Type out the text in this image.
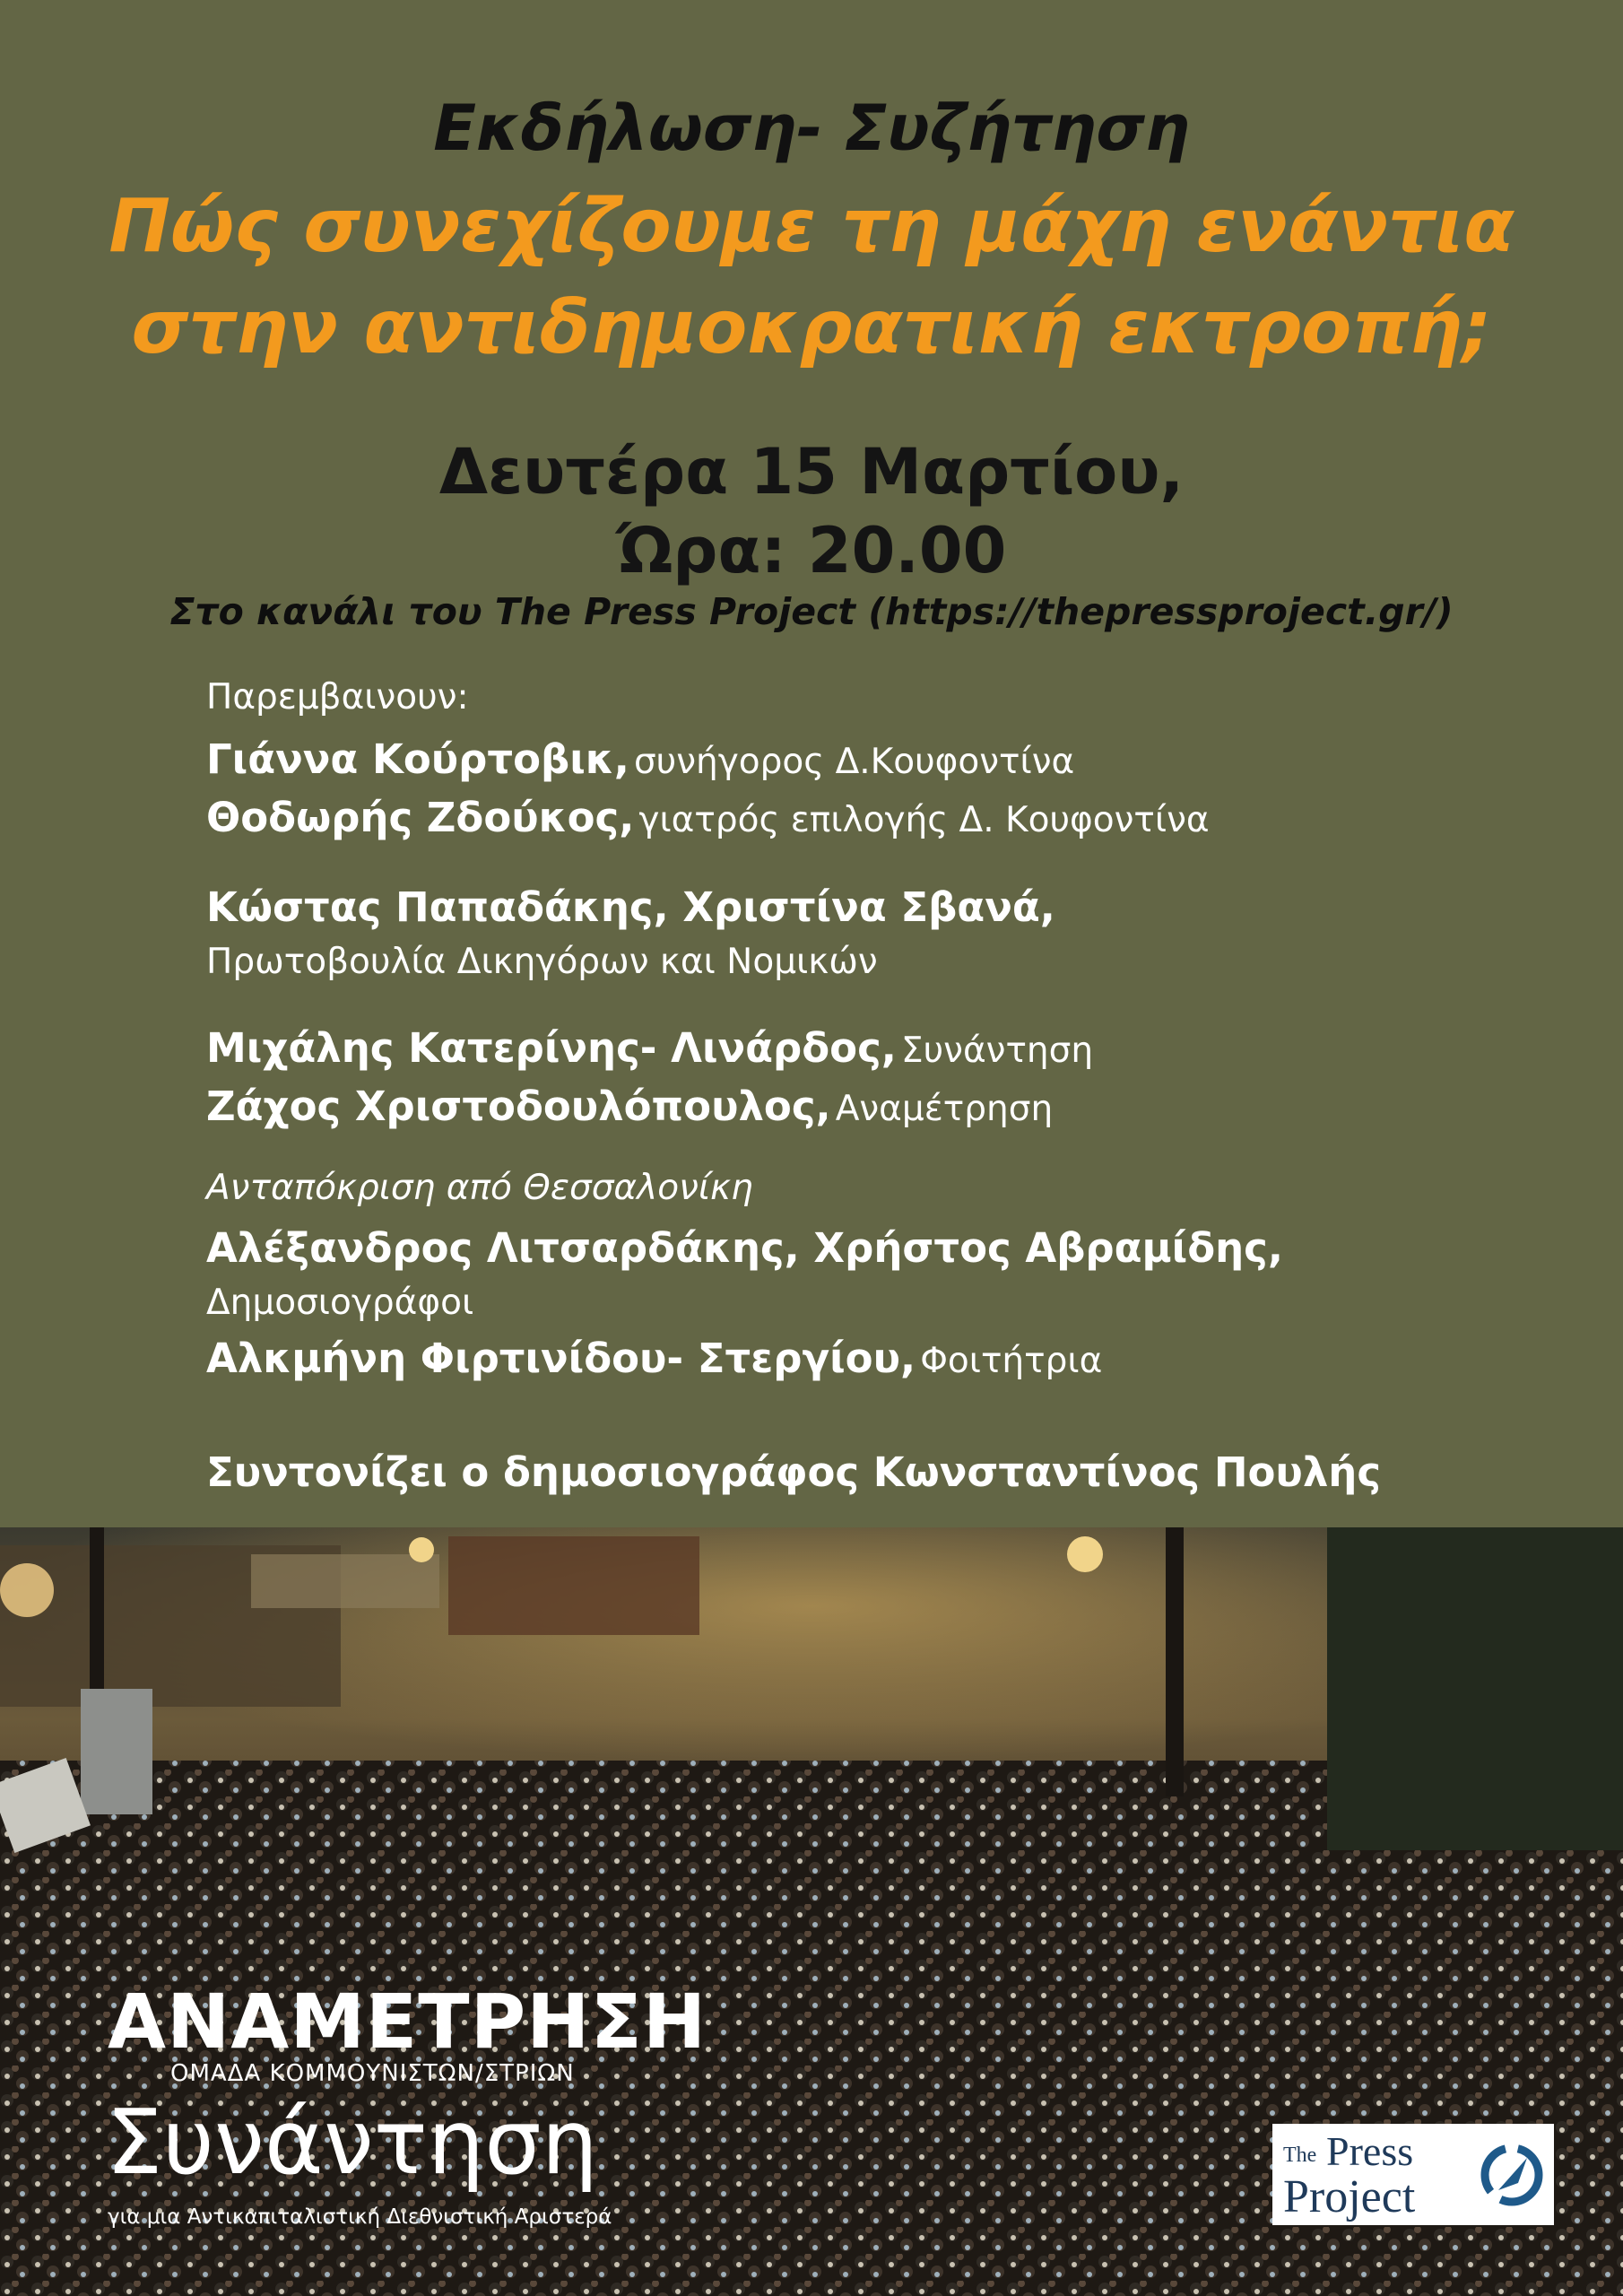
Εκδήλωση- Συζήτηση
Πώς συνεχίζουμε τη μάχη ενάντια
στην αντιδημοκρατική εκτροπή;
Δευτέρα 15 Μαρτίου,
Ώρα: 20.00
Στο κανάλι του The Press Project (https://thepressproject.gr/)
Παρεμβαινουν:
Γιάννα Κούρτοβικ, συνήγορος Δ.Κουφοντίνα
Θοδωρής Ζδούκος, γιατρός επιλογής Δ. Κουφοντίνα
Κώστας Παπαδάκης, Χριστίνα Σβανά,
Πρωτοβουλία Δικηγόρων και Νομικών
Μιχάλης Κατερίνης- Λινάρδος, Συνάντηση
Ζάχος Χριστοδουλόπουλος, Αναμέτρηση
Ανταπόκριση από Θεσσαλονίκη
Αλέξανδρος Λιτσαρδάκης, Χρήστος Αβραμίδης,
Δημοσιογράφοι
Αλκμήνη Φιρτινίδου- Στεργίου, Φοιτήτρια
Συντονίζει ο δημοσιογράφος Κωνσταντίνος Πουλής
ΑΝΑΜΕΤΡΗΣΗ
ΟΜΑΔΑ ΚΟΜΜΟΥΝΙΣΤΩΝ/ΣΤΡΙΩΝ
Συνάντηση
για μια Αντικαπιταλιστική Διεθνιστική Αριστερά
The Press
Project
